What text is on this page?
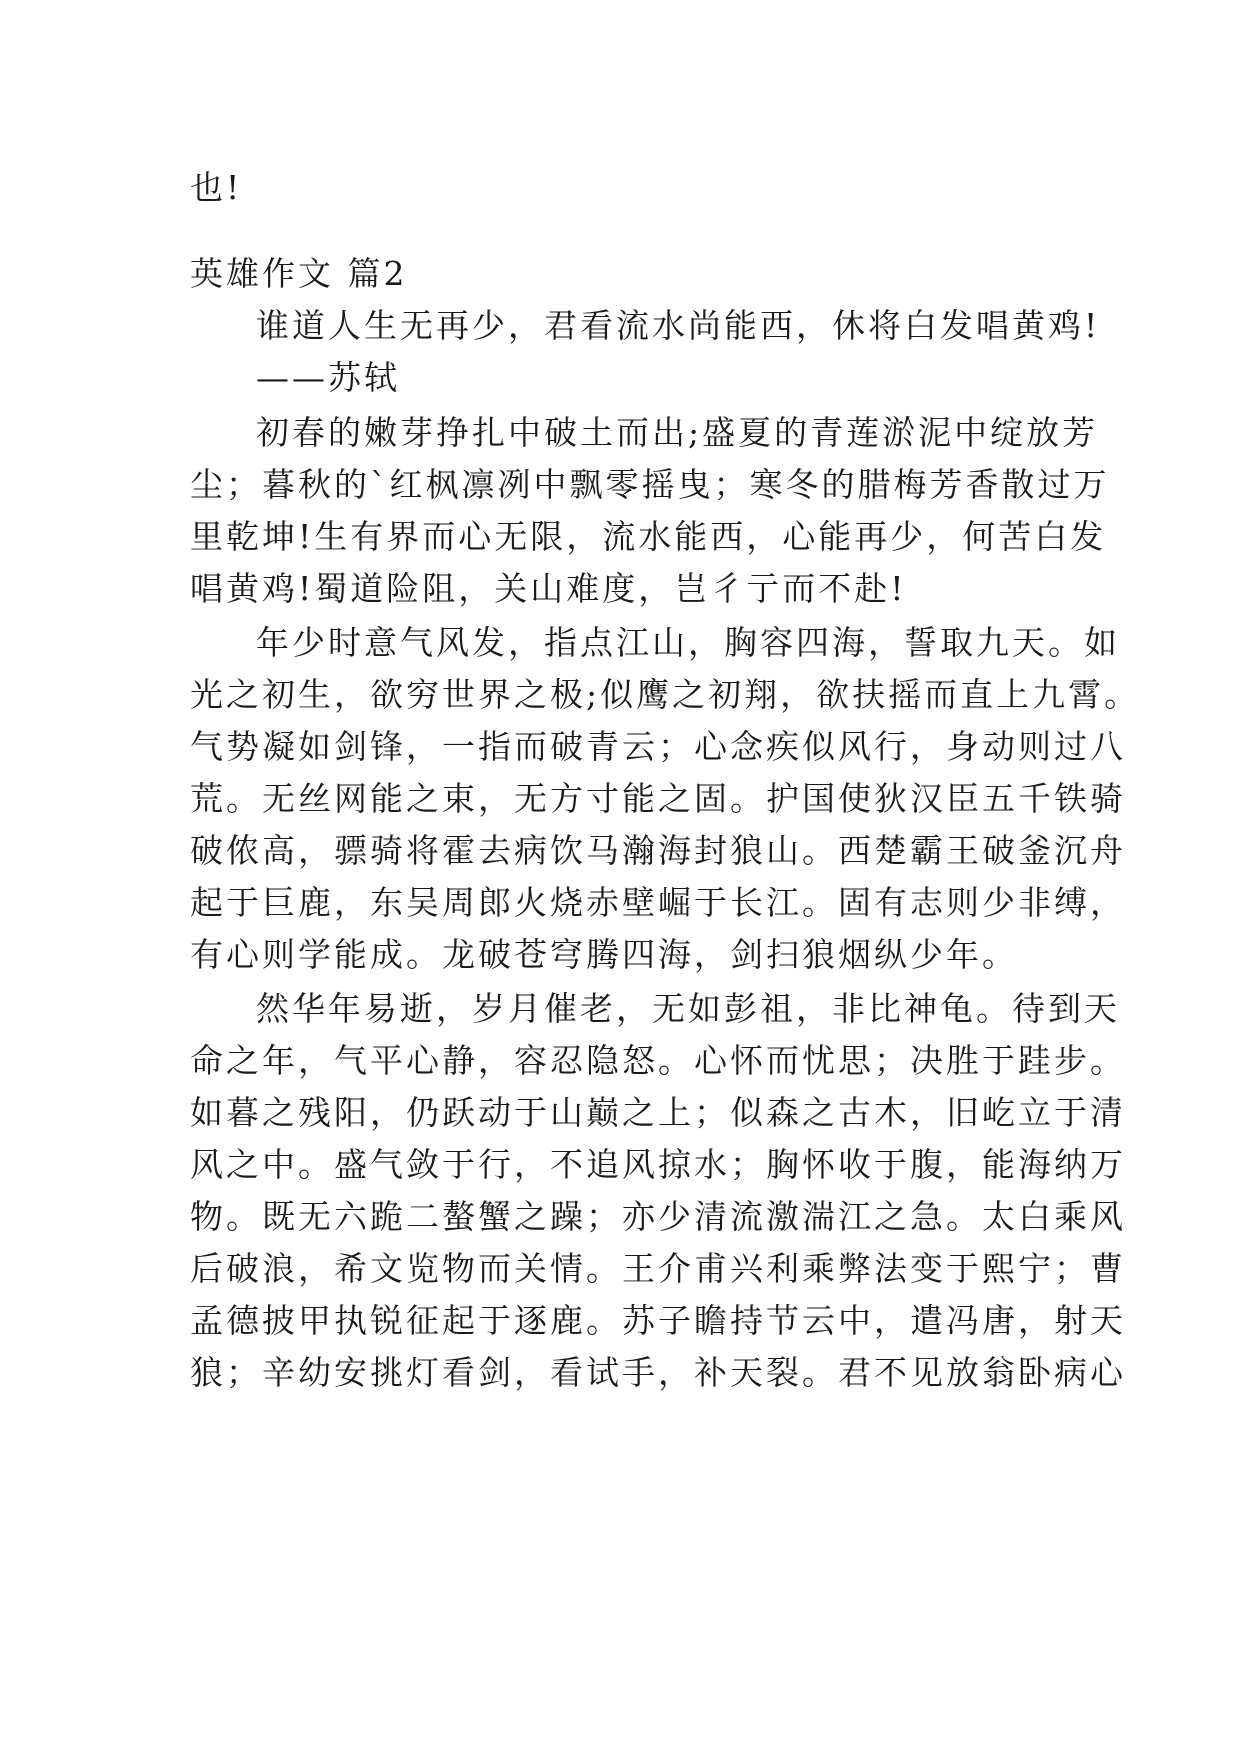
也!
英雄作文 篇2
谁道人生无再少，君看流水尚能西，休将白发唱黄鸡!
——苏轼
初春的嫩芽挣扎中破土而出;盛夏的青莲淤泥中绽放芳
尘；暮秋的`红枫凛冽中飘零摇曳；寒冬的腊梅芳香散过万
里乾坤!生有界而心无限，流水能西，心能再少，何苦白发
唱黄鸡!蜀道险阻，关山难度，岂彳亍而不赴!
年少时意气风发，指点江山，胸容四海，誓取九天。如
光之初生，欲穷世界之极;似鹰之初翔，欲扶摇而直上九霄。
气势凝如剑锋，一指而破青云；心念疾似风行，身动则过八
荒。无丝网能之束，无方寸能之固。护国使狄汉臣五千铁骑
破侬高，骠骑将霍去病饮马瀚海封狼山。西楚霸王破釜沉舟
起于巨鹿，东吴周郎火烧赤壁崛于长江。固有志则少非缚，
有心则学能成。龙破苍穹腾四海，剑扫狼烟纵少年。
然华年易逝，岁月催老，无如彭祖，非比神龟。待到天
命之年，气平心静，容忍隐怒。心怀而忧思；决胜于跬步。
如暮之残阳，仍跃动于山巅之上；似森之古木，旧屹立于清
风之中。盛气敛于行，不追风掠水；胸怀收于腹，能海纳万
物。既无六跪二螯蟹之躁；亦少清流激湍江之急。太白乘风
后破浪，希文览物而关情。王介甫兴利乘弊法变于熙宁；曹
孟德披甲执锐征起于逐鹿。苏子瞻持节云中，遣冯唐，射天
狼；辛幼安挑灯看剑，看试手，补天裂。君不见放翁卧病心
